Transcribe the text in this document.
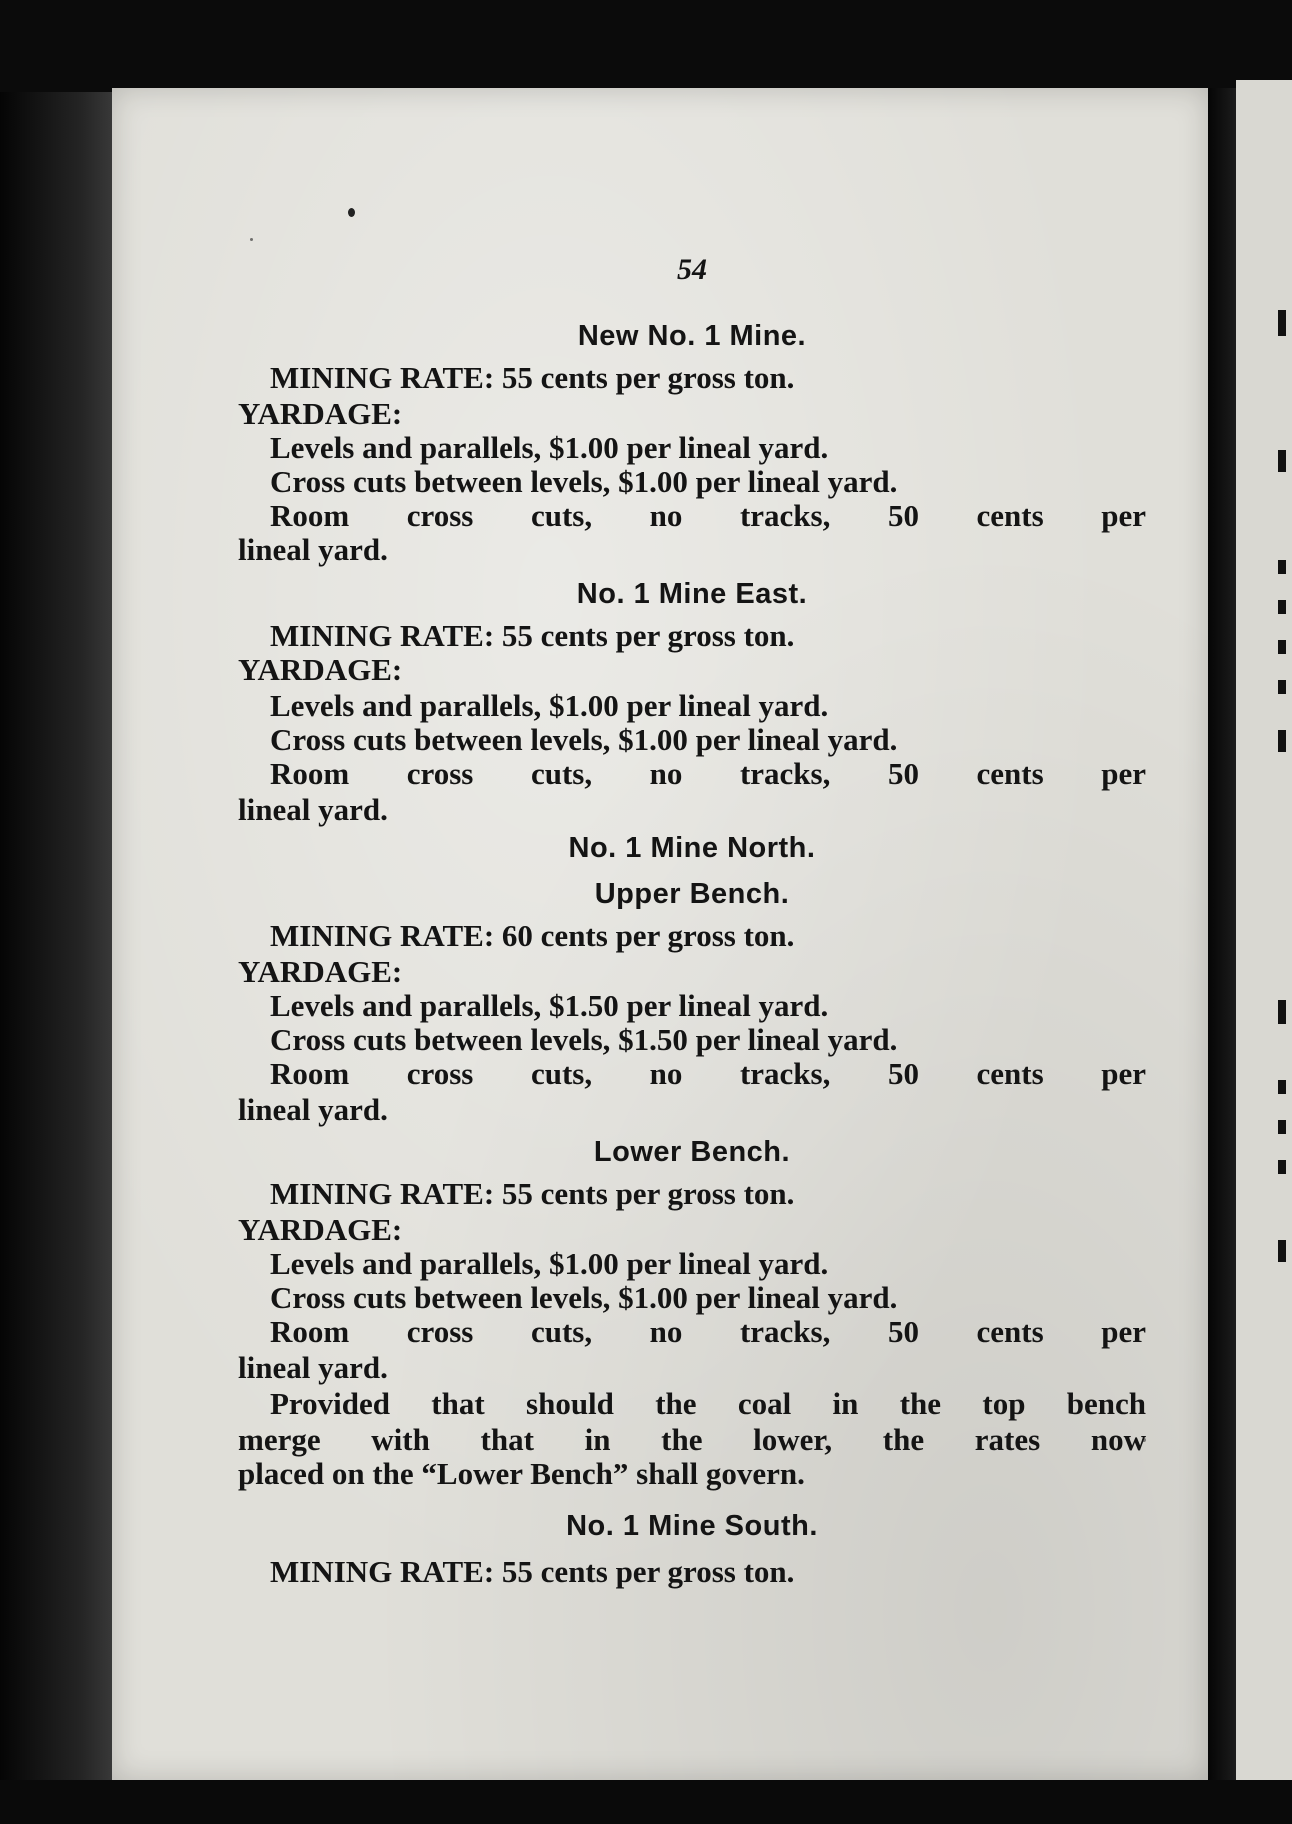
54
New No. 1 Mine.
MINING RATE: 55 cents per gross ton.
YARDAGE:
Levels and parallels, $1.00 per lineal yard.
Cross cuts between levels, $1.00 per lineal yard.
Room cross cuts, no tracks, 50 cents per
lineal yard.
No. 1 Mine East.
MINING RATE: 55 cents per gross ton.
YARDAGE:
Levels and parallels, $1.00 per lineal yard.
Cross cuts between levels, $1.00 per lineal yard.
Room cross cuts, no tracks, 50 cents per
lineal yard.
No. 1 Mine North.
Upper Bench.
MINING RATE: 60 cents per gross ton.
YARDAGE:
Levels and parallels, $1.50 per lineal yard.
Cross cuts between levels, $1.50 per lineal yard.
Room cross cuts, no tracks, 50 cents per
lineal yard.
Lower Bench.
MINING RATE: 55 cents per gross ton.
YARDAGE:
Levels and parallels, $1.00 per lineal yard.
Cross cuts between levels, $1.00 per lineal yard.
Room cross cuts, no tracks, 50 cents per
lineal yard.
Provided that should the coal in the top bench
merge with that in the lower, the rates now
placed on the “Lower Bench” shall govern.
No. 1 Mine South.
MINING RATE: 55 cents per gross ton.
